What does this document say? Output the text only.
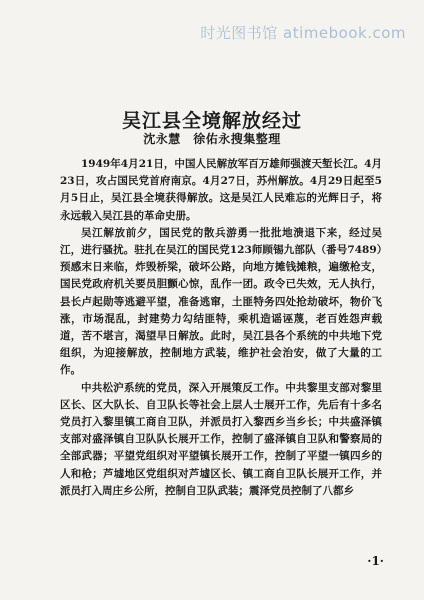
时光图书馆 atimebook.com
吴江县全境解放经过
沈永慧　徐佑永搜集整理

1949年4月21日，中国人民解放军百万雄师强渡天堑长江。4月23日，攻占国民党首府南京。4月27日，苏州解放。4月29日起至5月5日止，吴江县全境获得解放。这是吴江人民难忘的光辉日子，将永远载入吴江县的革命史册。

吴江解放前夕，国民党的散兵游勇一批批地溃退下来，经过吴江，进行骚扰。驻扎在吴江的国民党123师顾锡九部队（番号7489）预感末日来临，炸毁桥梁，破坏公路，向地方摊钱摊粮，遍缴枪支，国民党政府机关要员胆颤心惊，乱作一团。政令已失效，无人执行，县长卢起勋等逃避平望，准备逃窜，土匪特务四处抢劫破坏，物价飞涨，市场混乱，封建势力勾结匪特，乘机造谣诬蔑，老百姓怨声载道，苦不堪言，渴望早日解放。此时，吴江县各个系统的中共地下党组织，为迎接解放，控制地方武装，维护社会治安，做了大量的工作。

中共松沪系统的党员，深入开展策反工作。中共黎里支部对黎里区长、区大队长、自卫队长等社会上层人士展开工作，先后有十多名党员打入黎里镇工商自卫队，并派员打入黎西乡当乡长；中共盛泽镇支部对盛泽镇自卫队队长展开工作，控制了盛泽镇自卫队和警察局的全部武器；平望党组织对平望镇长展开工作，控制了平望一镇四乡的人和枪；芦墟地区党组织对芦墟区长、镇工商自卫队长展开工作，并派员打入周庄乡公所，控制自卫队武装；震泽党员控制了八都乡

·1·
